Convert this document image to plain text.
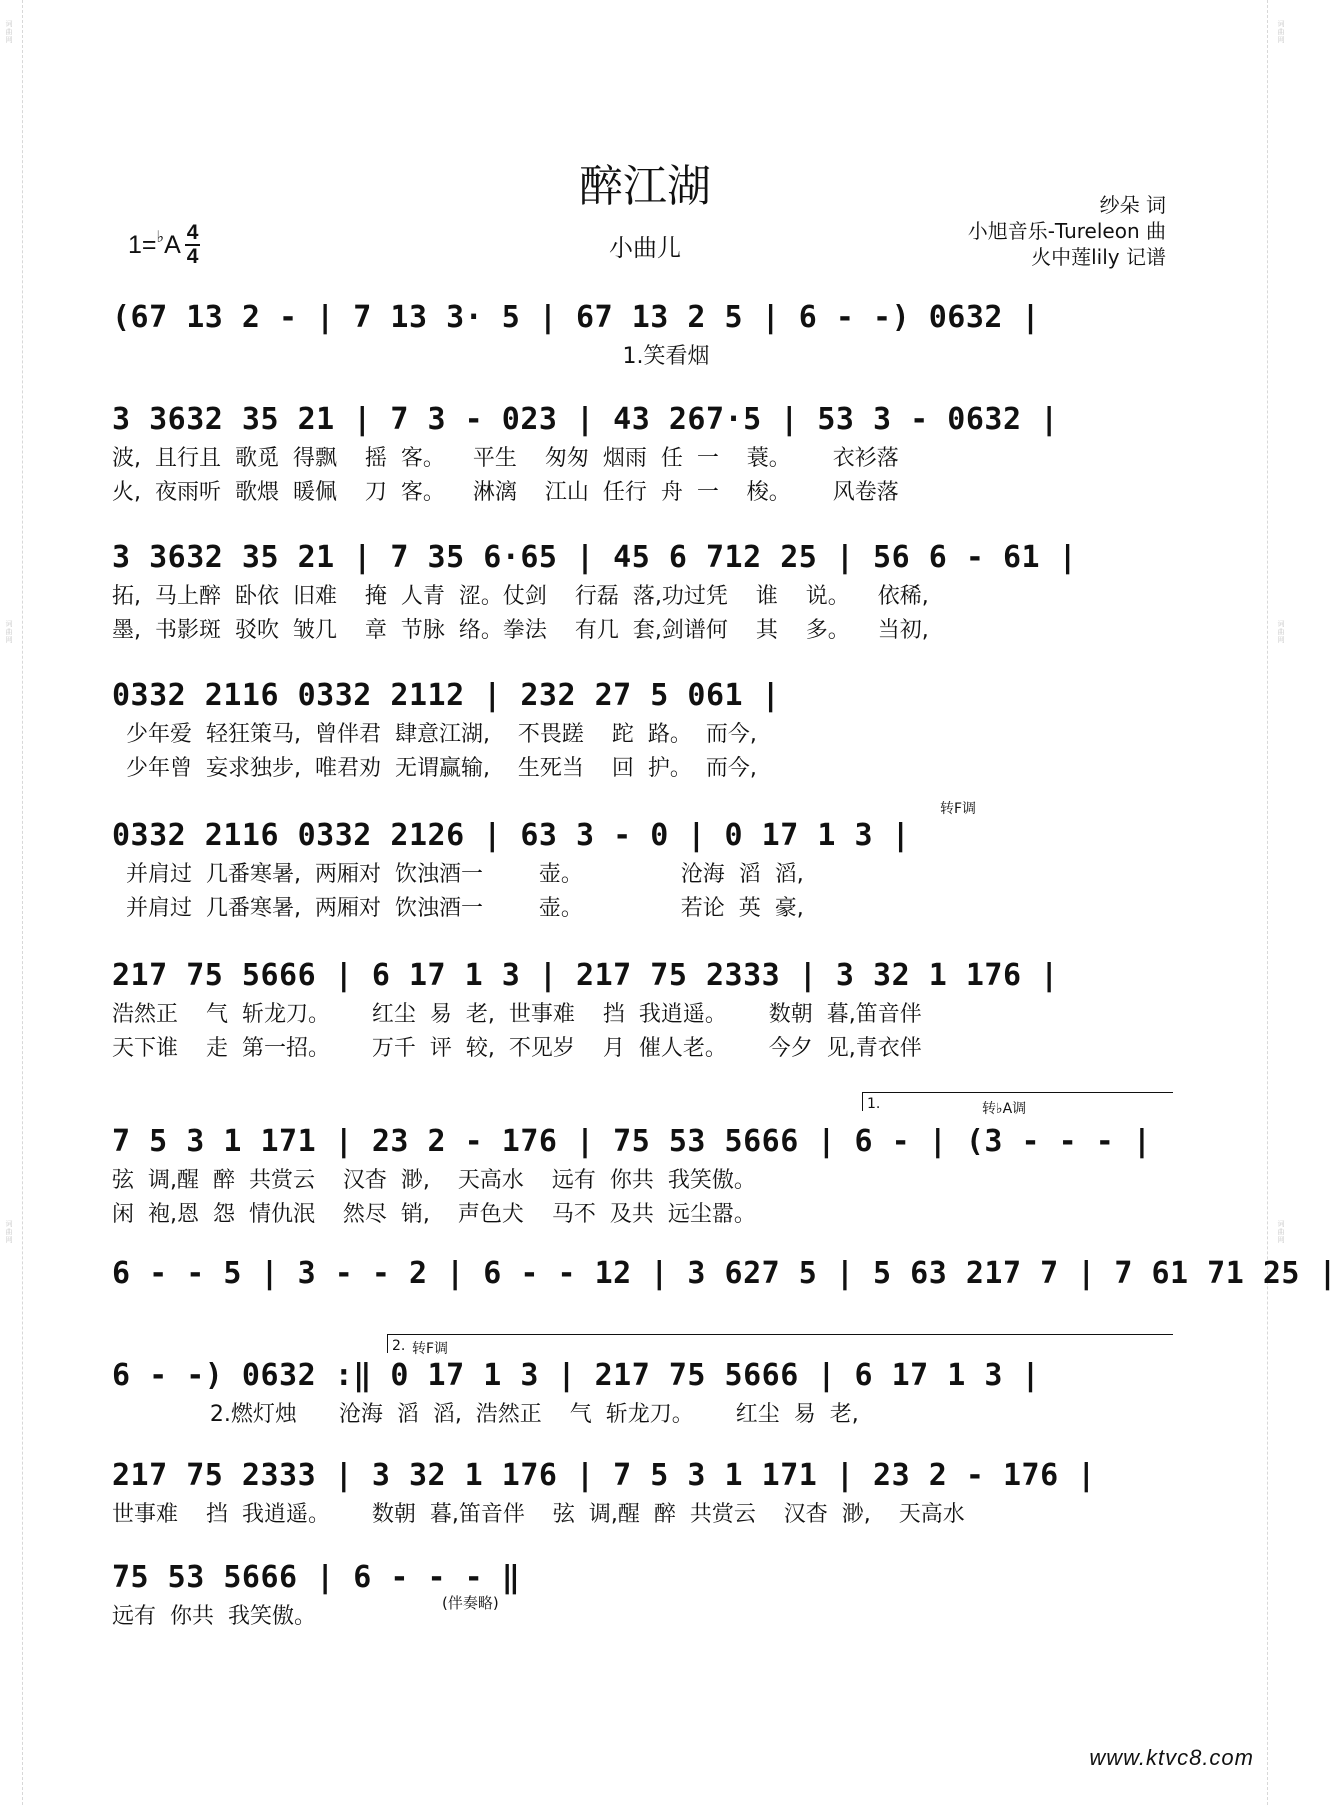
词曲网
词曲网
词曲网
词曲网
词曲网
词曲网
醉江湖
小曲儿
1= ♭ A 4
4
纱朵 词
小旭音乐-Tureleon 曲
火中莲lily 记谱
(67 13 2 - | 7 13 3· 5 | 67 13 2 5 | 6 - -) 0632 |
1.笑看烟
3 3632 35 21 | 7 3 - 023 | 43 267·5 | 53 3 - 0632 |
波,  且行且  歌觅  得飘    摇  客。    平生    匆匆  烟雨  任  一    蓑。      衣衫落
火,  夜雨听  歌煨  暖佩    刀  客。    淋漓    江山  任行  舟  一    梭。      风卷落
3 3632 35 21 | 7 35 6·65 | 45 6 712 25 | 56 6 - 61 |
拓,  马上醉  卧依  旧难    掩  人青  涩。仗剑    行磊  落,功过凭    谁    说。    依稀,
墨,  书影斑  驳吹  皱几    章  节脉  络。拳法    有几  套,剑谱何    其    多。    当初,
0332 2116 0332 2112 | 232 27 5 061 |
少年爱  轻狂策马,  曾伴君  肆意江湖,    不畏蹉    跎  路。  而今,
少年曾  妄求独步,  唯君劝  无谓赢输,    生死当    回  护。  而今,
转F调
0332 2116 0332 2126 | 63 3 - 0 | 0 17 1 3 |
并肩过  几番寒暑,  两厢对  饮浊酒一        壶。              沧海  滔  滔,
并肩过  几番寒暑,  两厢对  饮浊酒一        壶。              若论  英  豪,
217 75 5666 | 6 17 1 3 | 217 75 2333 | 3 32 1 176 |
浩然正    气  斩龙刀。      红尘  易  老,  世事难    挡  我逍遥。      数朝  暮,笛音伴
天下谁    走  第一招。      万千  评  较,  不见岁    月  催人老。      今夕  见,青衣伴
1.	转♭A调
7 5 3 1 171 | 23 2 - 176 | 75 53 5666 | 6 - | (3 - - - |
弦  调,醒  醉  共赏云    汉杳  渺,    天高水    远有  你共  我笑傲。
闲  袍,恩  怨  情仇泯    然尽  销,    声色犬    马不  及共  远尘嚣。
6 - - 5 | 3 - - 2 | 6 - - 12 | 3 627 5 | 5 63 217 7 | 7 61 71 25 |
2. 转F调
6 - -) 0632 :‖ 0 17 1 3 | 217 75 5666 | 6 17 1 3 |
2.燃灯烛      沧海  滔  滔,  浩然正    气  斩龙刀。      红尘  易  老,
217 75 2333 | 3 32 1 176 | 7 5 3 1 171 | 23 2 - 176 |
世事难    挡  我逍遥。      数朝  暮,笛音伴    弦  调,醒  醉  共赏云    汉杳  渺,    天高水
75 53 5666 | 6 - - - ‖
(伴奏略)
远有  你共  我笑傲。
www.ktvc8.com
